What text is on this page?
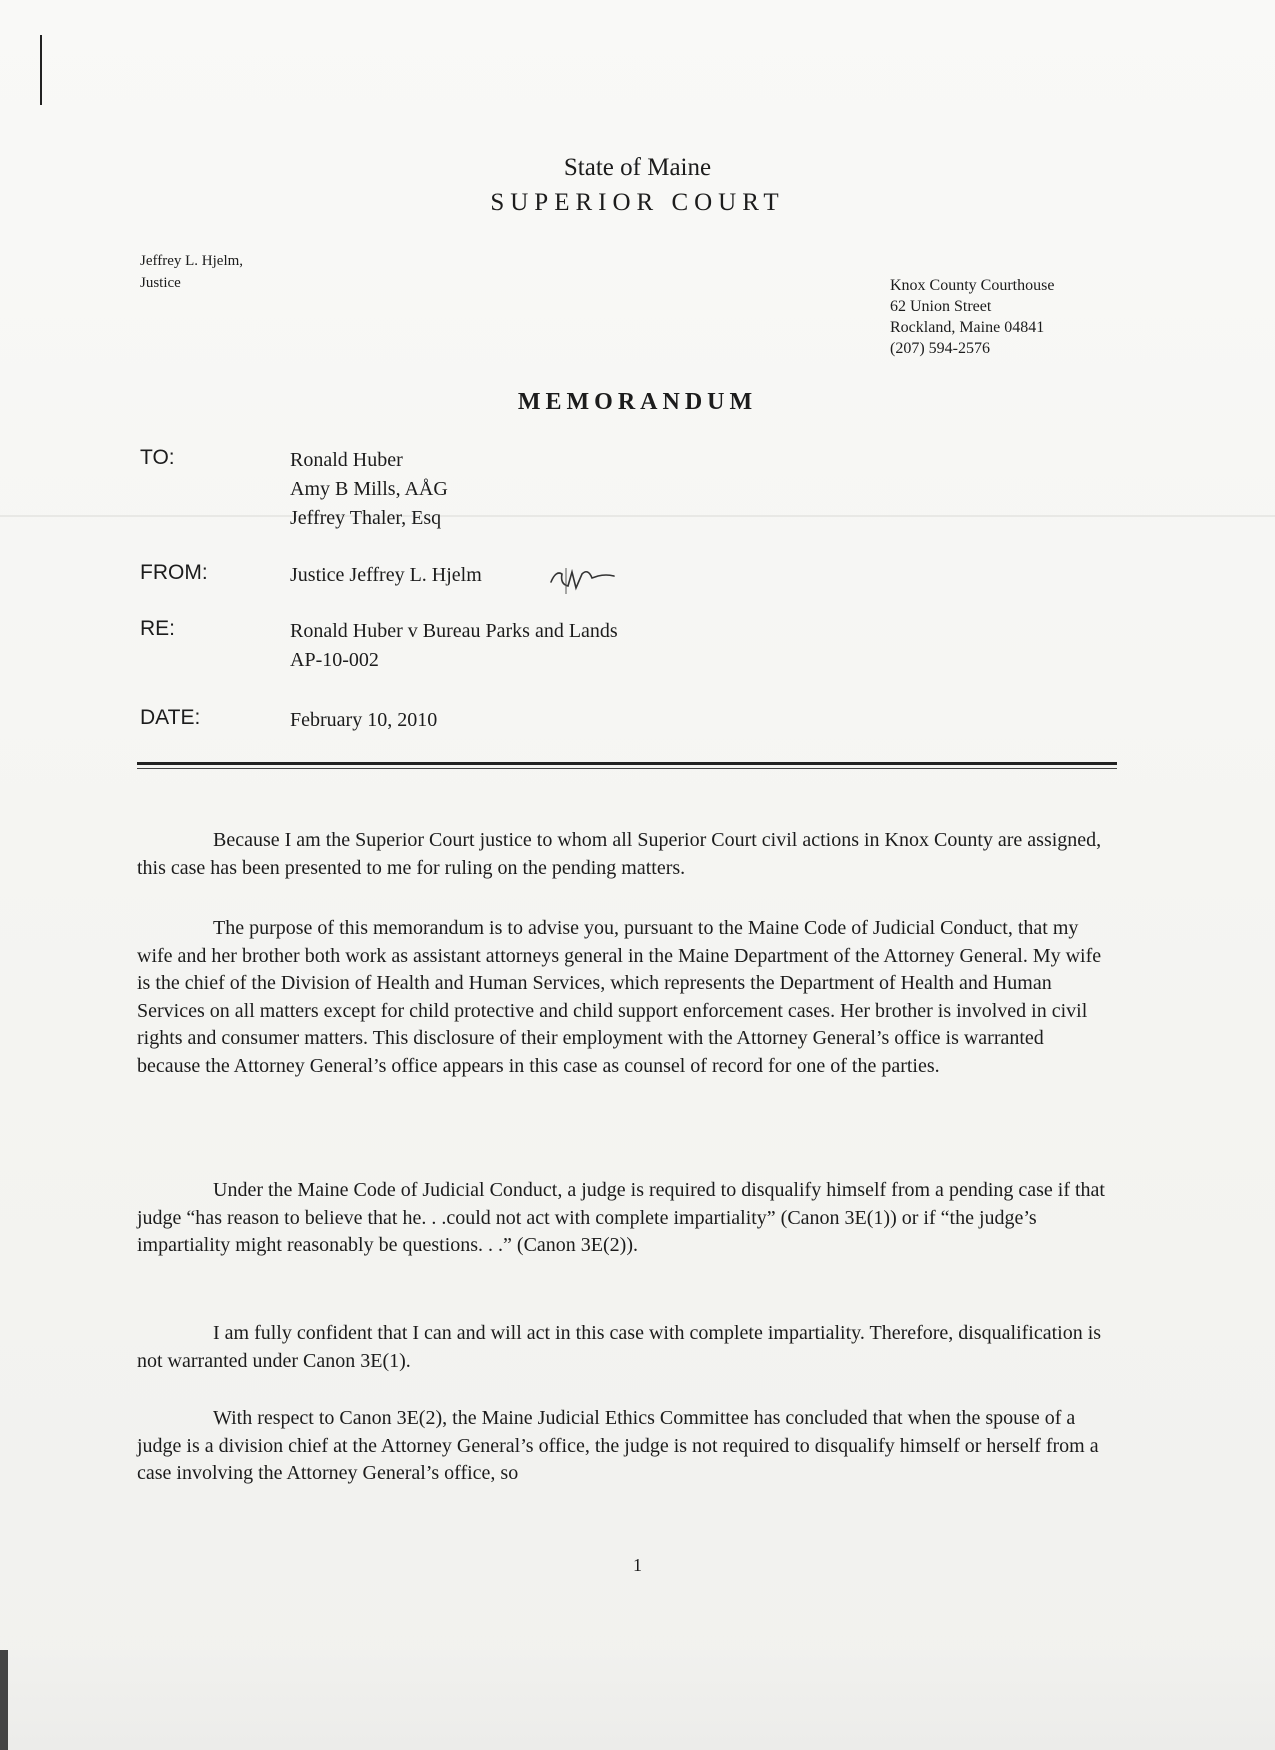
State of Maine
SUPERIOR COURT
Jeffrey L. Hjelm,
Justice	Knox County Courthouse
62 Union Street
Rockland, Maine 04841
(207) 594-2576
MEMORANDUM
TO:	Ronald Huber
Amy B Mills, AÅG
Jeffrey Thaler, Esq
FROM:	Justice Jeffrey L. Hjelm
RE:	Ronald Huber v Bureau Parks and Lands
AP-10-002
DATE:	February 10, 2010

Because I am the Superior Court justice to whom all Superior Court civil actions in Knox County are assigned, this case has been presented to me for ruling on the pending matters.

The purpose of this memorandum is to advise you, pursuant to the Maine Code of Judicial Conduct, that my wife and her brother both work as assistant attorneys general in the Maine Department of the Attorney General. My wife is the chief of the Division of Health and Human Services, which represents the Department of Health and Human Services on all matters except for child protective and child support enforcement cases. Her brother is involved in civil rights and consumer matters. This disclosure of their employment with the Attorney General’s office is warranted because the Attorney General’s office appears in this case as counsel of record for one of the parties.

Under the Maine Code of Judicial Conduct, a judge is required to disqualify himself from a pending case if that judge “has reason to believe that he. . .could not act with complete impartiality” (Canon 3E(1)) or if “the judge’s impartiality might reasonably be questions. . .” (Canon 3E(2)).

I am fully confident that I can and will act in this case with complete impartiality. Therefore, disqualification is not warranted under Canon 3E(1).

With respect to Canon 3E(2), the Maine Judicial Ethics Committee has concluded that when the spouse of a judge is a division chief at the Attorney General’s office, the judge is not required to disqualify himself or herself from a case involving the Attorney General’s office, so

1
